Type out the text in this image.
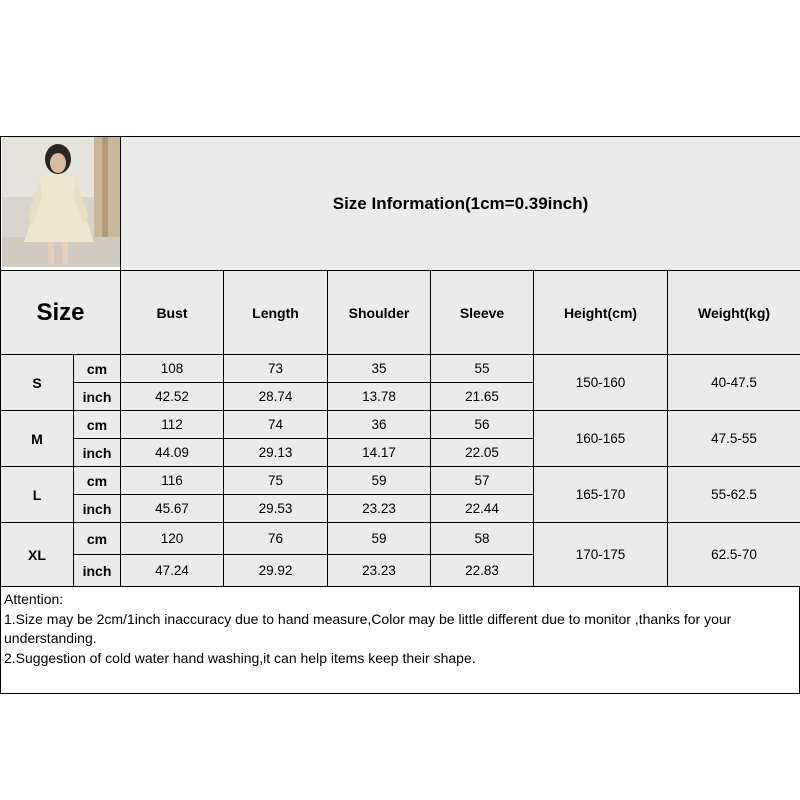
	Size Information(1cm=0.39inch)					
Size		Bust	Length	Shoulder	Sleeve	Height(cm)	Weight(kg)
S	cm	108	73	35	55	150-160	40-47.5
	inch	42.52	28.74	13.78	21.65		
M	cm	112	74	36	56	160-165	47.5-55
	inch	44.09	29.13	14.17	22.05		
L	cm	116	75	59	57	165-170	55-62.5
	inch	45.67	29.53	23.23	22.44		
XL	cm	120	76	59	58	170-175	62.5-70
	inch	47.24	29.92	23.23	22.83		
Attention:
1.Size may be 2cm/1inch inaccuracy due to hand measure,Color may be little different due to monitor ,thanks for your understanding.
2.Suggestion of cold water hand washing,it can help items keep their shape.
